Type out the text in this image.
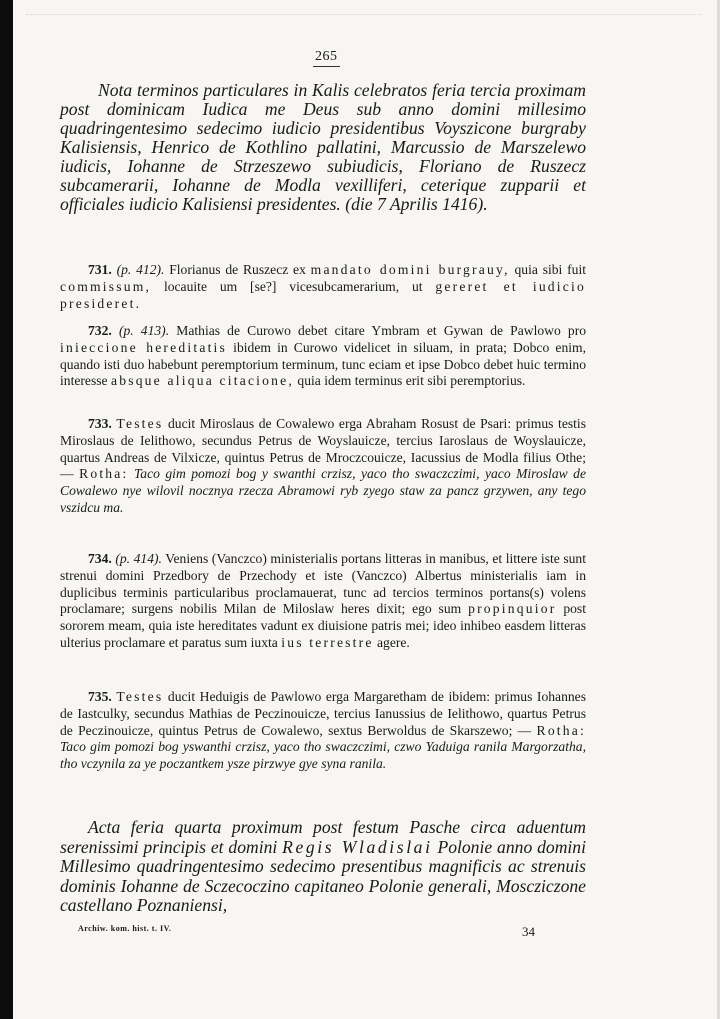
265
Nota terminos particulares in Kalis celebratos feria tercia proximam post dominicam Iudica me Deus sub anno domini millesimo quadringentesimo sedecimo iudicio presidentibus Voyszicone burgraby Kalisiensis, Henrico de Kothlino pallatini, Marcussio de Marszelewo iudicis, Iohanne de Strzeszewo subiudicis, Floriano de Ruszecz subcamerarii, Iohanne de Modla vexilliferi, ceterique zupparii et officiales iudicio Kalisiensi presidentes. (die 7 Aprilis 1416).
731. (p. 412). Florianus de Ruszecz ex mandato domini burgrauy, quia sibi fuit commissum, locauite um [se?] vicesubcamerarium, ut gereret et iudicio presideret.
732. (p. 413). Mathias de Curowo debet citare Ymbram et Gywan de Pawlowo pro inieccione hereditatis ibidem in Curowo videlicet in siluam, in prata; Dobco enim, quando isti duo habebunt peremptorium terminum, tunc eciam et ipse Dobco debet huic termino interesse absque aliqua citacione, quia idem terminus erit sibi peremptorius.
733. Testes ducit Miroslaus de Cowalewo erga Abraham Rosust de Psari: primus testis Miroslaus de Ielithowo, secundus Petrus de Woyslauicze, tercius Iaroslaus de Woyslauicze, quartus Andreas de Vilxicze, quintus Petrus de Mroczcouicze, Iacussius de Modla filius Othe; — Rotha: Taco gim pomozi bog y swanthi crzisz, yaco tho swaczczimi, yaco Miroslaw de Cowalewo nye wilovil nocznya rzecza Abramowi ryb zyego staw za pancz grzywen, any tego vszidcu ma.
734. (p. 414). Veniens (Vanczco) ministerialis portans litteras in manibus, et littere iste sunt strenui domini Przedbory de Przechody et iste (Vanczco) Albertus ministerialis iam in duplicibus terminis particularibus proclamauerat, tunc ad tercios terminos portans(s) volens proclamare; surgens nobilis Milan de Miloslaw heres dixit; ego sum propinquior post sororem meam, quia iste hereditates vadunt ex diuisione patris mei; ideo inhibeo easdem litteras ulterius proclamare et paratus sum iuxta ius terrestre agere.
735. Testes ducit Heduigis de Pawlowo erga Margaretham de ibidem: primus Iohannes de Iastculky, secundus Mathias de Peczinouicze, tercius Ianussius de Ielithowo, quartus Petrus de Peczinouicze, quintus Petrus de Cowalewo, sextus Berwoldus de Skarszewo; — Rotha: Taco gim pomozi bog yswanthi crzisz, yaco tho swaczczimi, czwo Yaduiga ranila Margorzatha, tho vczynila za ye poczantkem ysze pirzwye gye syna ranila.
Acta feria quarta proximum post festum Pasche circa aduentum serenissimi principis et domini Regis Wladislai Polonie anno domini Millesimo quadringentesimo sedecimo presentibus magnificis ac strenuis dominis Iohanne de Sczecoczino capitaneo Polonie generali, Moscziczone castellano Poznaniensi,
Archiw. kom. hist. t. IV.	34
